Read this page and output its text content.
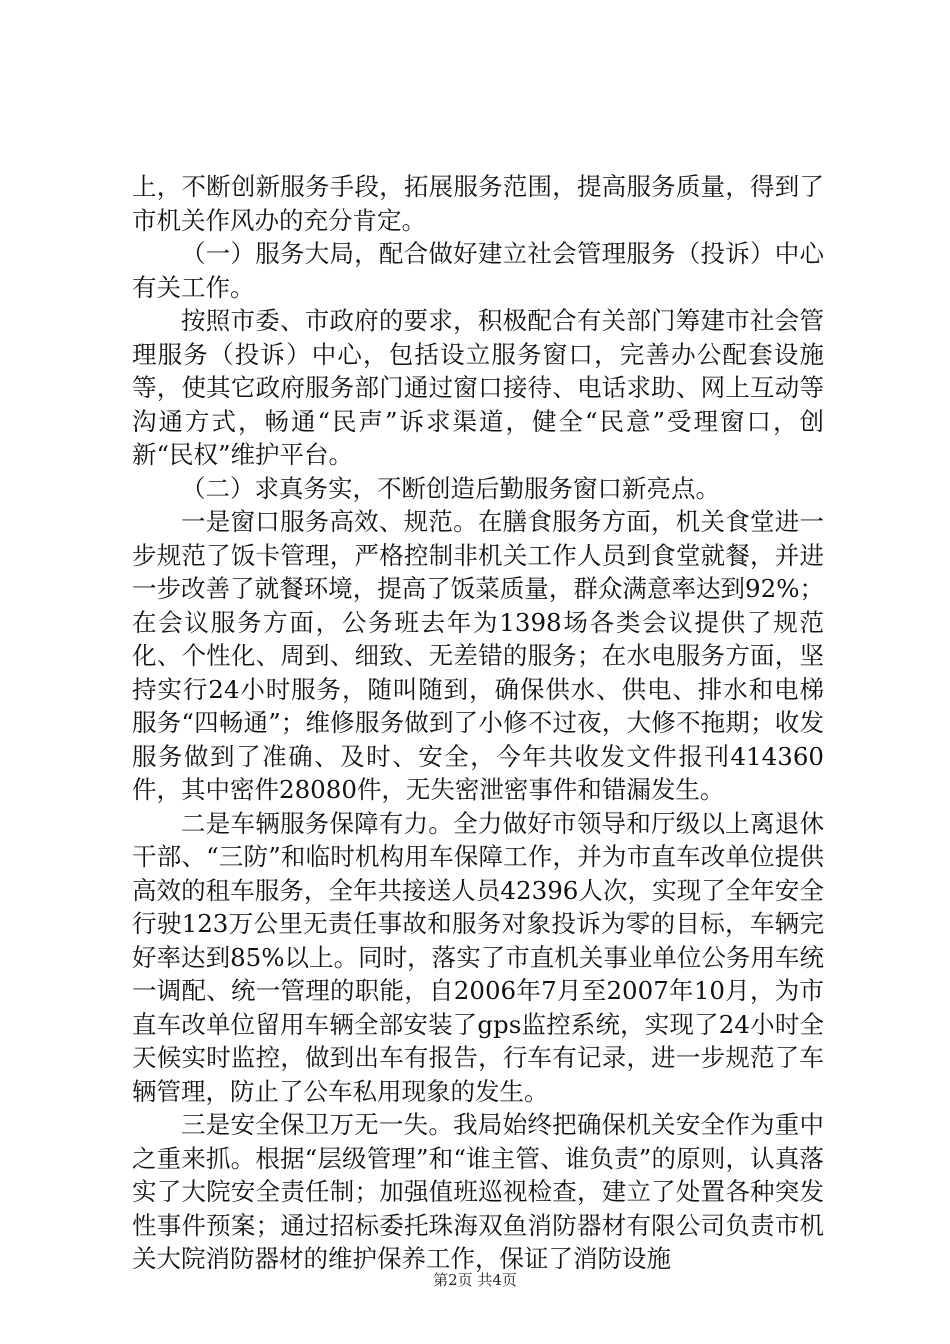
上，不断创新服务手段，拓展服务范围，提高服务质量，得到了市机关作风办的充分肯定。

（一）服务大局，配合做好建立社会管理服务（投诉）中心有关工作。

按照市委、市政府的要求，积极配合有关部门筹建市社会管理服务（投诉）中心，包括设立服务窗口，完善办公配套设施等，使其它政府服务部门通过窗口接待、电话求助、网上互动等沟通方式，畅通“民声”诉求渠道，健全“民意”受理窗口，创新“民权”维护平台。

（二）求真务实，不断创造后勤服务窗口新亮点。

一是窗口服务高效、规范。在膳食服务方面，机关食堂进一步规范了饭卡管理，严格控制非机关工作人员到食堂就餐，并进一步改善了就餐环境，提高了饭菜质量，群众满意率达到92%；在会议服务方面，公务班去年为1398场各类会议提供了规范化、个性化、周到、细致、无差错的服务；在水电服务方面，坚持实行24小时服务，随叫随到，确保供水、供电、排水和电梯服务“四畅通”；维修服务做到了小修不过夜，大修不拖期；收发服务做到了准确、及时、安全，今年共收发文件报刊414360件，其中密件28080件，无失密泄密事件和错漏发生。

二是车辆服务保障有力。全力做好市领导和厅级以上离退休干部、“三防”和临时机构用车保障工作，并为市直车改单位提供高效的租车服务，全年共接送人员42396人次，实现了全年安全行驶123万公里无责任事故和服务对象投诉为零的目标，车辆完好率达到85%以上。同时，落实了市直机关事业单位公务用车统一调配、统一管理的职能，自2006年7月至2007年10月，为市直车改单位留用车辆全部安装了gps监控系统，实现了24小时全天候实时监控，做到出车有报告，行车有记录，进一步规范了车辆管理，防止了公车私用现象的发生。

三是安全保卫万无一失。我局始终把确保机关安全作为重中之重来抓。根据“层级管理”和“谁主管、谁负责”的原则，认真落实了大院安全责任制；加强值班巡视检查，建立了处置各种突发性事件预案；通过招标委托珠海双鱼消防器材有限公司负责市机关大院消防器材的维护保养工作，保证了消防设施

第2页 共4页
